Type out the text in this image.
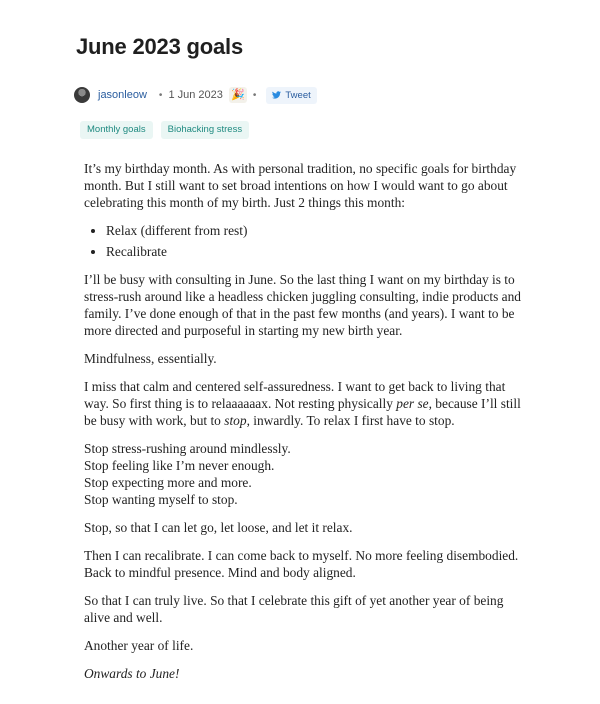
June 2023 goals
jasonleow • 1 Jun 2023 🎉 •	Tweet
Monthly goals	Biohacking stress

It’s my birthday month. As with personal tradition, no specific goals for birthday month. But I still want to set broad intentions on how I would want to go about celebrating this month of my birth. Just 2 things this month:

• Relax (different from rest)
• Recalibrate

I’ll be busy with consulting in June. So the last thing I want on my birthday is to stress-rush around like a headless chicken juggling consulting, indie products and family. I’ve done enough of that in the past few months (and years). I want to be more directed and purposeful in starting my new birth year.

Mindfulness, essentially.

I miss that calm and centered self-assuredness. I want to get back to living that way. So first thing is to relaaaaaax. Not resting physically per se, because I’ll still be busy with work, but to stop, inwardly. To relax I first have to stop.

Stop stress-rushing around mindlessly.
Stop feeling like I’m never enough.
Stop expecting more and more.
Stop wanting myself to stop.

Stop, so that I can let go, let loose, and let it relax.

Then I can recalibrate. I can come back to myself. No more feeling disembodied. Back to mindful presence. Mind and body aligned.

So that I can truly live. So that I celebrate this gift of yet another year of being alive and well.

Another year of life.

Onwards to June!
